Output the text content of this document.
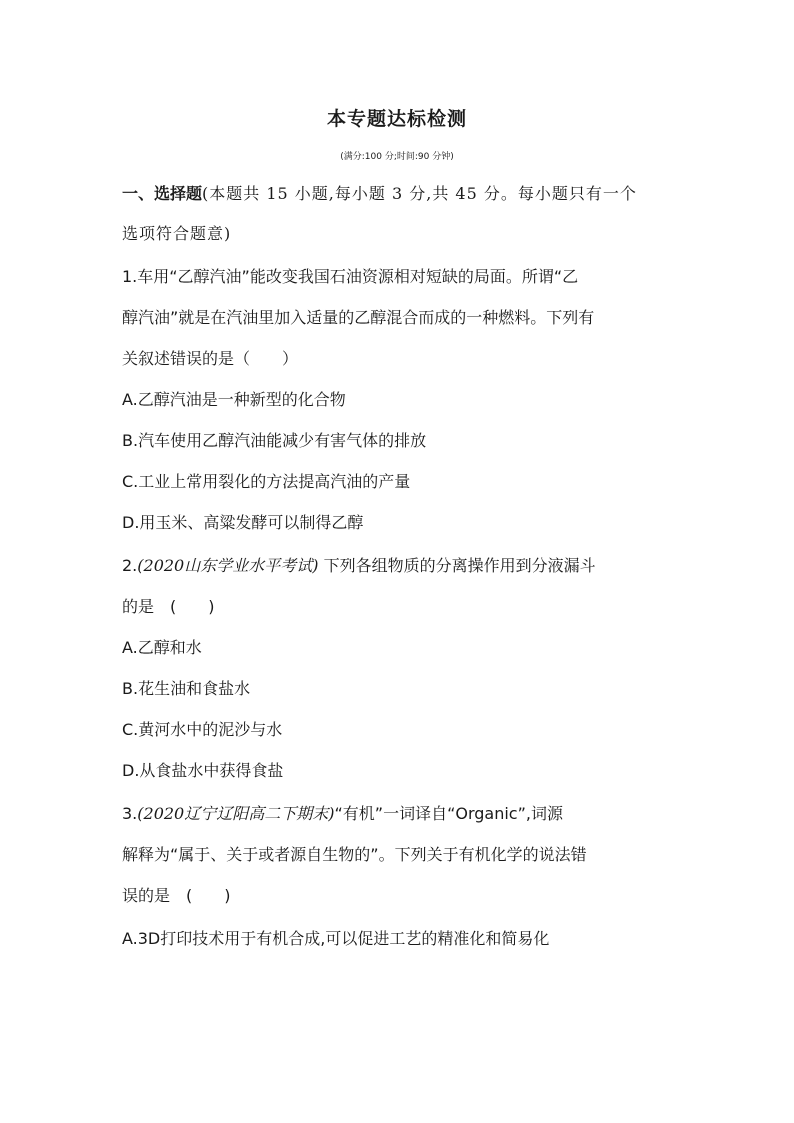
本专题达标检测
(满分:100 分;时间:90 分钟)
一、选择题(本题共 15 小题,每小题 3 分,共 45 分。每小题只有一个
选项符合题意)
1.车用“乙醇汽油”能改变我国石油资源相对短缺的局面。所谓“乙
醇汽油”就是在汽油里加入适量的乙醇混合而成的一种燃料。下列有
关叙述错误的是（　　）
A.乙醇汽油是一种新型的化合物
B.汽车使用乙醇汽油能减少有害气体的排放
C.工业上常用裂化的方法提高汽油的产量
D.用玉米、高粱发酵可以制得乙醇
2.(2020山东学业水平考试) 下列各组物质的分离操作用到分液漏斗
的是　(　　)
A.乙醇和水
B.花生油和食盐水
C.黄河水中的泥沙与水
D.从食盐水中获得食盐
3.(2020辽宁辽阳高二下期末)“有机”一词译自“Organic”,词源
解释为“属于、关于或者源自生物的”。下列关于有机化学的说法错
误的是　(　　)
A.3D打印技术用于有机合成,可以促进工艺的精准化和简易化
